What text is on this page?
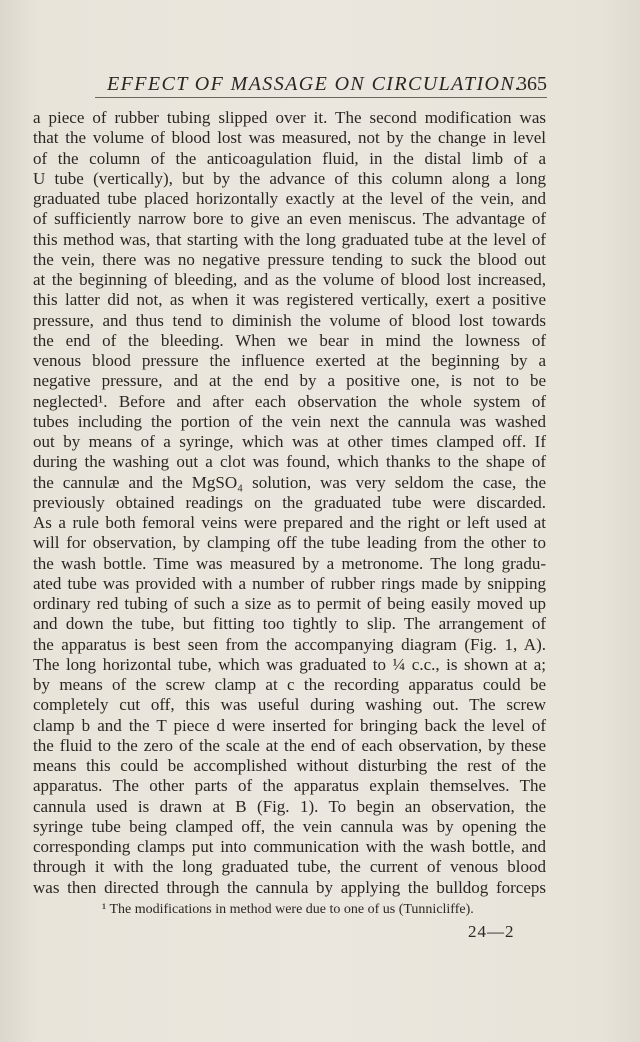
EFFECT OF MASSAGE ON CIRCULATION.
365
a piece of rubber tubing slipped over it. The second modification was
that the volume of blood lost was measured, not by the change in level
of the column of the anticoagulation fluid, in the distal limb of a
U tube (vertically), but by the advance of this column along a long
graduated tube placed horizontally exactly at the level of the vein, and
of sufficiently narrow bore to give an even meniscus. The advantage of
this method was, that starting with the long graduated tube at the level of
the vein, there was no negative pressure tending to suck the blood out
at the beginning of bleeding, and as the volume of blood lost increased,
this latter did not, as when it was registered vertically, exert a positive
pressure, and thus tend to diminish the volume of blood lost towards
the end of the bleeding. When we bear in mind the lowness of
venous blood pressure the influence exerted at the beginning by a
negative pressure, and at the end by a positive one, is not to be
neglected¹. Before and after each observation the whole system of
tubes including the portion of the vein next the cannula was washed
out by means of a syringe, which was at other times clamped off. If
during the washing out a clot was found, which thanks to the shape of
the cannulæ and the MgSO₄ solution, was very seldom the case, the
previously obtained readings on the graduated tube were discarded.
As a rule both femoral veins were prepared and the right or left used at
will for observation, by clamping off the tube leading from the other to
the wash bottle. Time was measured by a metronome. The long gradu-
ated tube was provided with a number of rubber rings made by snipping
ordinary red tubing of such a size as to permit of being easily moved up
and down the tube, but fitting too tightly to slip. The arrangement of
the apparatus is best seen from the accompanying diagram (Fig. 1, A).
The long horizontal tube, which was graduated to ¼ c.c., is shown at a;
by means of the screw clamp at c the recording apparatus could be
completely cut off, this was useful during washing out. The screw
clamp b and the T piece d were inserted for bringing back the level of
the fluid to the zero of the scale at the end of each observation, by these
means this could be accomplished without disturbing the rest of the
apparatus. The other parts of the apparatus explain themselves. The
cannula used is drawn at B (Fig. 1). To begin an observation, the
syringe tube being clamped off, the vein cannula was by opening the
corresponding clamps put into communication with the wash bottle, and
through it with the long graduated tube, the current of venous blood
was then directed through the cannula by applying the bulldog forceps
¹ The modifications in method were due to one of us (Tunnicliffe).
24—2
